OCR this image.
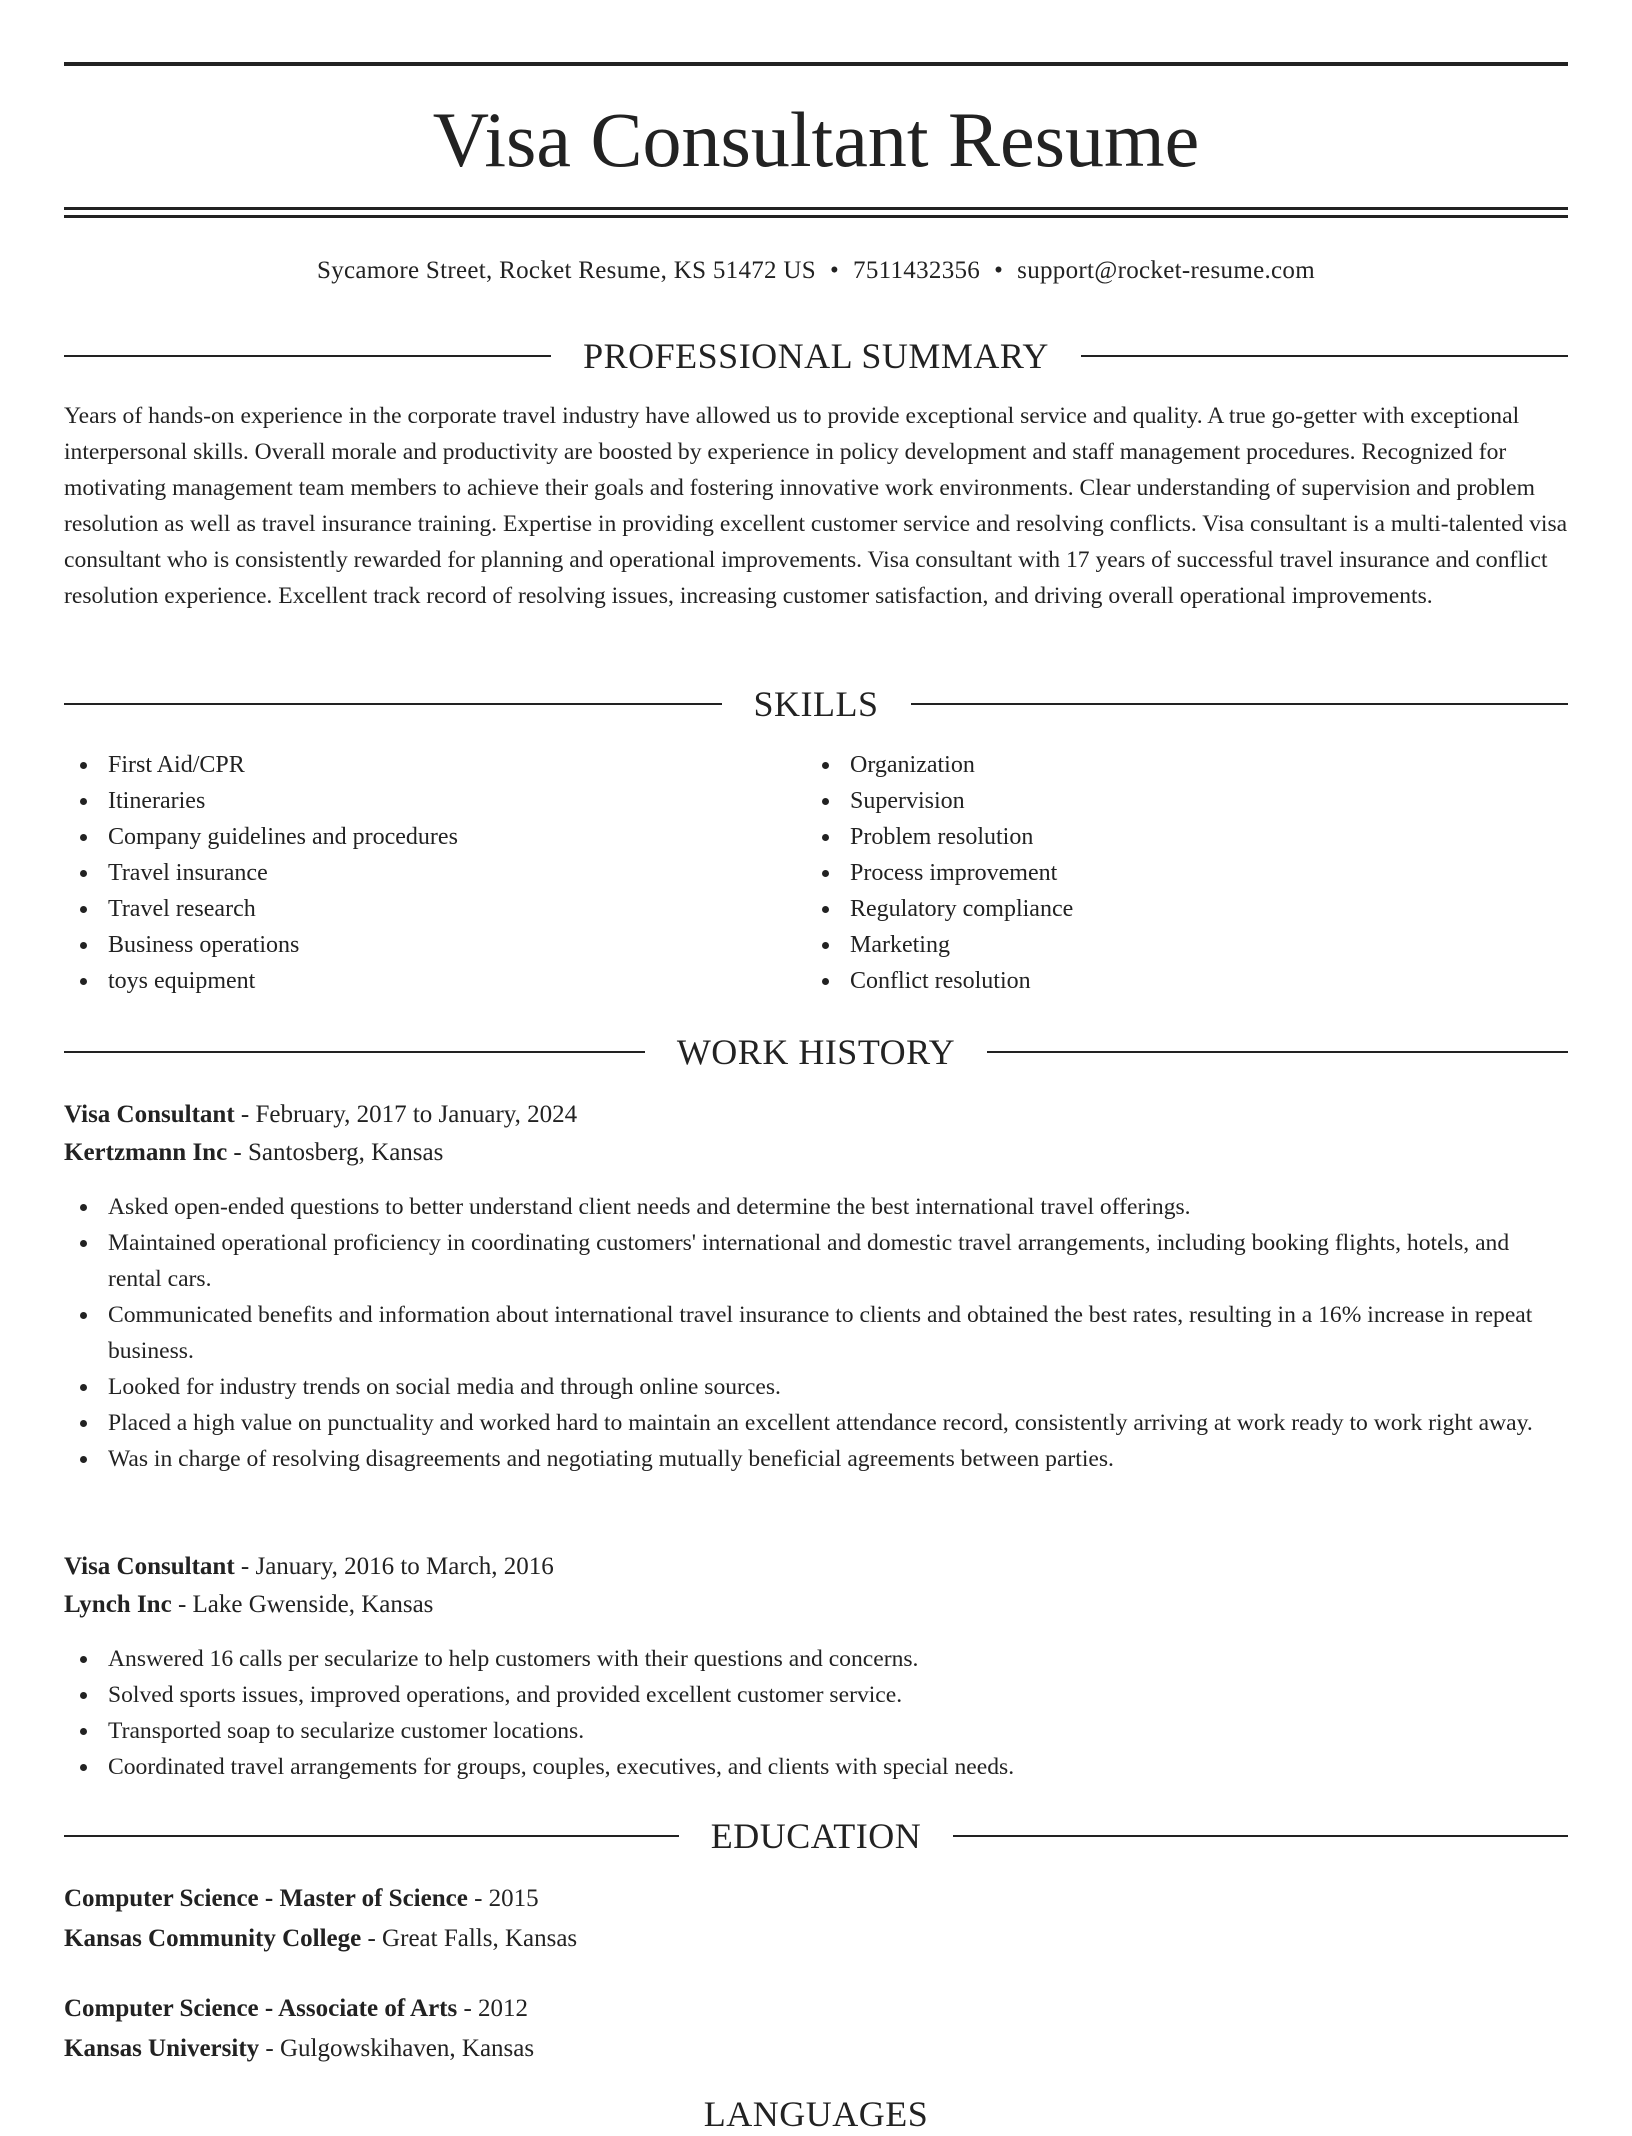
Visa Consultant Resume
Sycamore Street, Rocket Resume, KS 51472 US • 7511432356 • support@rocket-resume.com
PROFESSIONAL SUMMARY

Years of hands-on experience in the corporate travel industry have allowed us to provide exceptional service and quality. A true go-getter with exceptional interpersonal skills. Overall morale and productivity are boosted by experience in policy development and staff management procedures. Recognized for motivating management team members to achieve their goals and fostering innovative work environments. Clear understanding of supervision and problem resolution as well as travel insurance training. Expertise in providing excellent customer service and resolving conflicts. Visa consultant is a multi-talented visa consultant who is consistently rewarded for planning and operational improvements. Visa consultant with 17 years of successful travel insurance and conflict resolution experience. Excellent track record of resolving issues, increasing customer satisfaction, and driving overall operational improvements.

SKILLS
First Aid/CPR
Itineraries
Company guidelines and procedures
Travel insurance
Travel research
Business operations
toys equipment
Organization
Supervision
Problem resolution
Process improvement
Regulatory compliance
Marketing
Conflict resolution
WORK HISTORY
Visa Consultant - February, 2017 to January, 2024
Kertzmann Inc - Santosberg, Kansas
Asked open-ended questions to better understand client needs and determine the best international travel offerings.
Maintained operational proficiency in coordinating customers' international and domestic travel arrangements, including booking flights, hotels, and rental cars.
Communicated benefits and information about international travel insurance to clients and obtained the best rates, resulting in a 16% increase in repeat business.
Looked for industry trends on social media and through online sources.
Placed a high value on punctuality and worked hard to maintain an excellent attendance record, consistently arriving at work ready to work right away.
Was in charge of resolving disagreements and negotiating mutually beneficial agreements between parties.
Visa Consultant - January, 2016 to March, 2016
Lynch Inc - Lake Gwenside, Kansas
Answered 16 calls per secularize to help customers with their questions and concerns.
Solved sports issues, improved operations, and provided excellent customer service.
Transported soap to secularize customer locations.
Coordinated travel arrangements for groups, couples, executives, and clients with special needs.
EDUCATION
Computer Science - Master of Science - 2015
Kansas Community College - Great Falls, Kansas
Computer Science - Associate of Arts - 2012
Kansas University - Gulgowskihaven, Kansas
LANGUAGES
